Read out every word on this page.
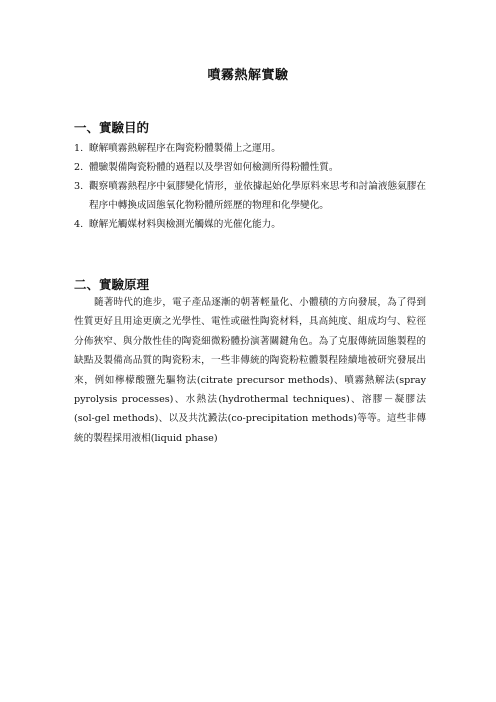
噴霧熱解實驗
一、實驗目的
1. 瞭解噴霧熱解程序在陶瓷粉體製備上之運用。
2. 體驗製備陶瓷粉體的過程以及學習如何檢測所得粉體性質。
3. 觀察噴霧熱程序中氣膠變化情形，並依據起始化學原料來思考和討論液態氣膠在程序中轉換成固態氧化物粉體所經歷的物理和化學變化。
4. 瞭解光觸媒材料與檢測光觸媒的光催化能力。
二、實驗原理
隨著時代的進步，電子產品逐漸的朝著輕量化、小體積的方向發展，為了得到性質更好且用途更廣之光學性、電性或磁性陶瓷材料，具高純度、組成均勻、粒徑分佈狹窄、與分散性佳的陶瓷細微粉體扮演著關鍵角色。為了克服傳統固態製程的缺點及製備高品質的陶瓷粉末，一些非傳統的陶瓷粉粒體製程陸續地被研究發展出來，例如檸檬酸鹽先驅物法(citrate precursor methods)、噴霧熱解法(spray pyrolysis processes)、水熱法(hydrothermal techniques)、溶膠－凝膠法(sol-gel methods)、以及共沈澱法(co-precipitation methods)等等。這些非傳統的製程採用液相(liquid phase)
